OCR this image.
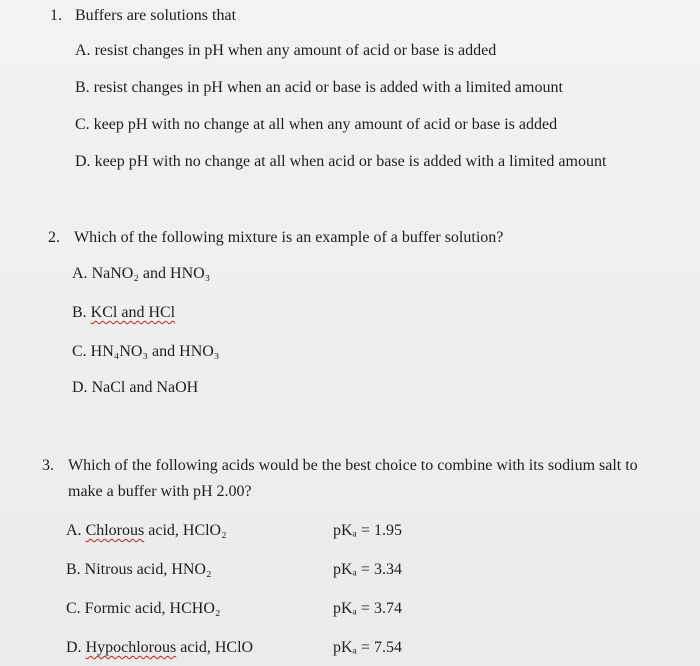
1. Buffers are solutions that
A. resist changes in pH when any amount of acid or base is added
B. resist changes in pH when an acid or base is added with a limited amount
C. keep pH with no change at all when any amount of acid or base is added
D. keep pH with no change at all when acid or base is added with a limited amount
2. Which of the following mixture is an example of a buffer solution?
A. NaNO₂ and HNO₃
B. KCl and HCl
C. HN₄NO₃ and HNO₃
D. NaCl and NaOH
3. Which of the following acids would be the best choice to combine with its sodium salt to
make a buffer with pH 2.00?
A. Chlorous acid, HClO₂	pKₐ = 1.95
B. Nitrous acid, HNO₂	pKₐ = 3.34
C. Formic acid, HCHO₂	pKₐ = 3.74
D. Hypochlorous acid, HClO	pKₐ = 7.54
